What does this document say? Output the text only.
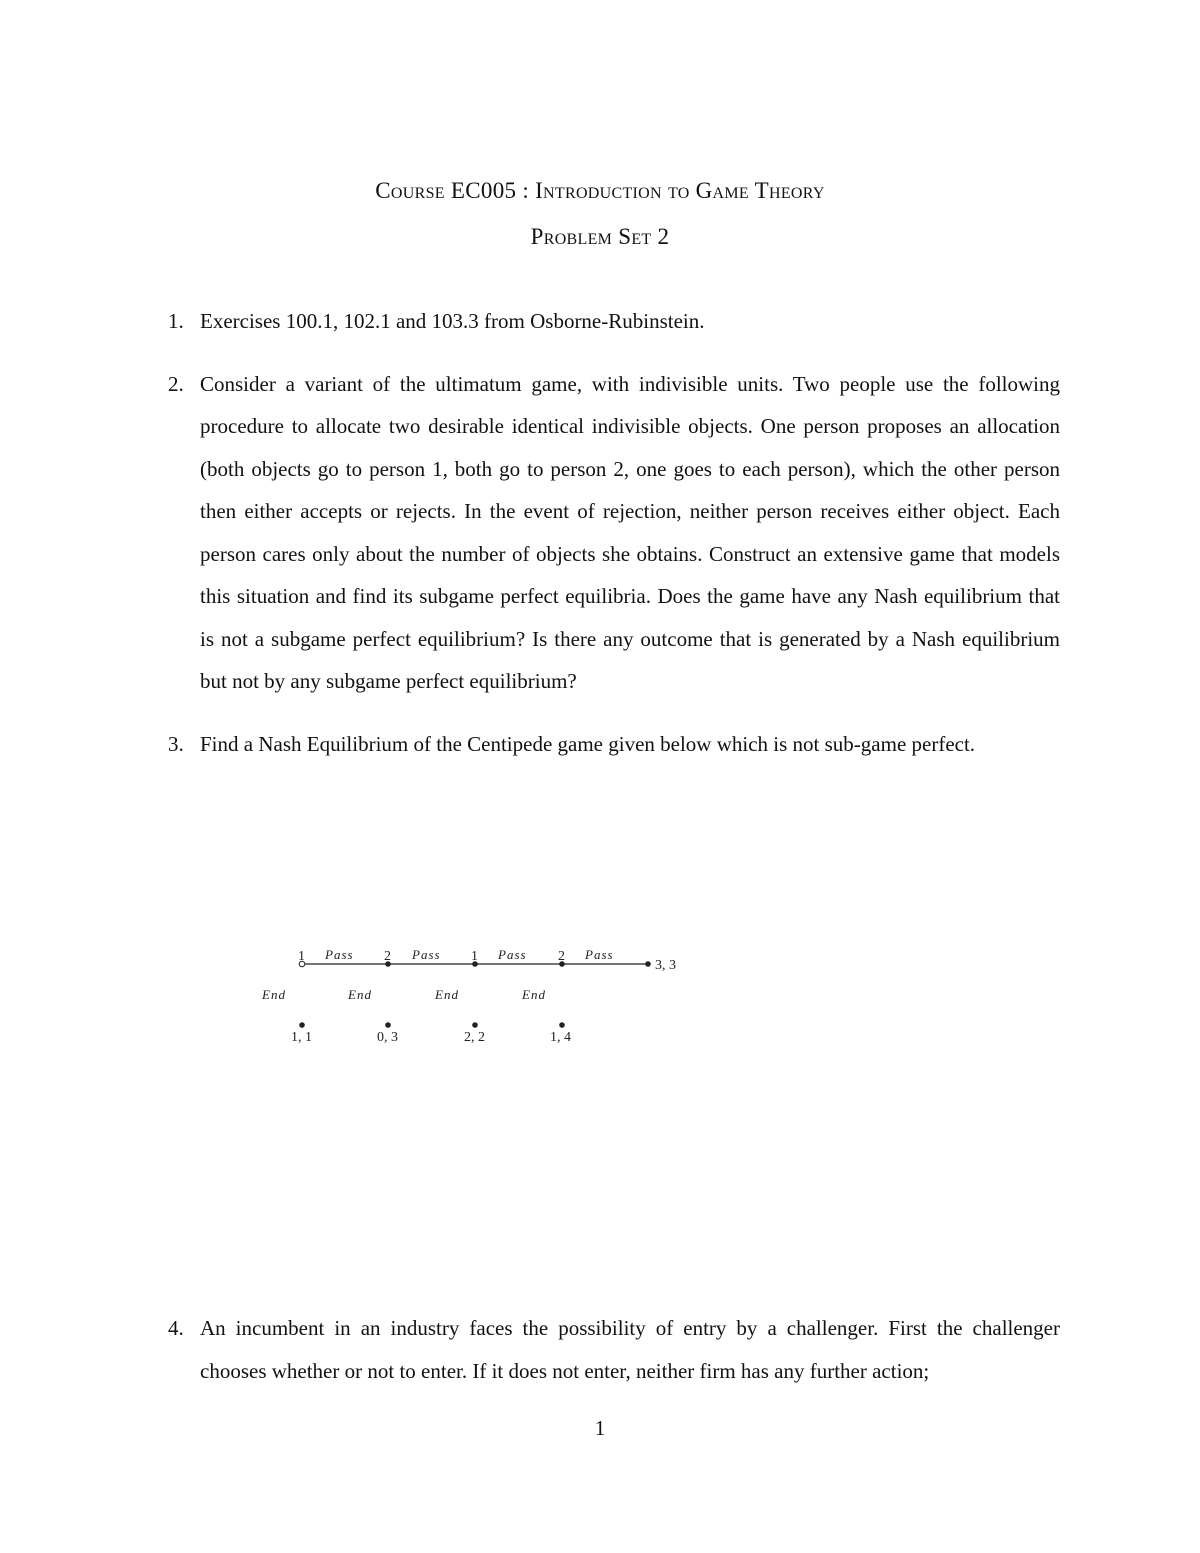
Course EC005 : Introduction to Game Theory
Problem Set 2
1. Exercises 100.1, 102.1 and 103.3 from Osborne-Rubinstein.
2. Consider a variant of the ultimatum game, with indivisible units. Two people use the following procedure to allocate two desirable identical indivisible objects. One person proposes an allocation (both objects go to person 1, both go to person 2, one goes to each person), which the other person then either accepts or rejects. In the event of rejection, neither person receives either object. Each person cares only about the number of objects she obtains. Construct an extensive game that models this situation and find its subgame perfect equilibria. Does the game have any Nash equilibrium that is not a subgame perfect equilibrium? Is there any outcome that is generated by a Nash equilibrium but not by any subgame perfect equilibrium?
3. Find a Nash Equilibrium of the Centipede game given below which is not sub-game perfect.
1 Pass
End
1, 1
2 Pass
End
0, 3
1 Pass
End
2, 2
2 Pass
End
1, 4
3, 3
4. An incumbent in an industry faces the possibility of entry by a challenger. First the challenger chooses whether or not to enter. If it does not enter, neither firm has any further action;
1
